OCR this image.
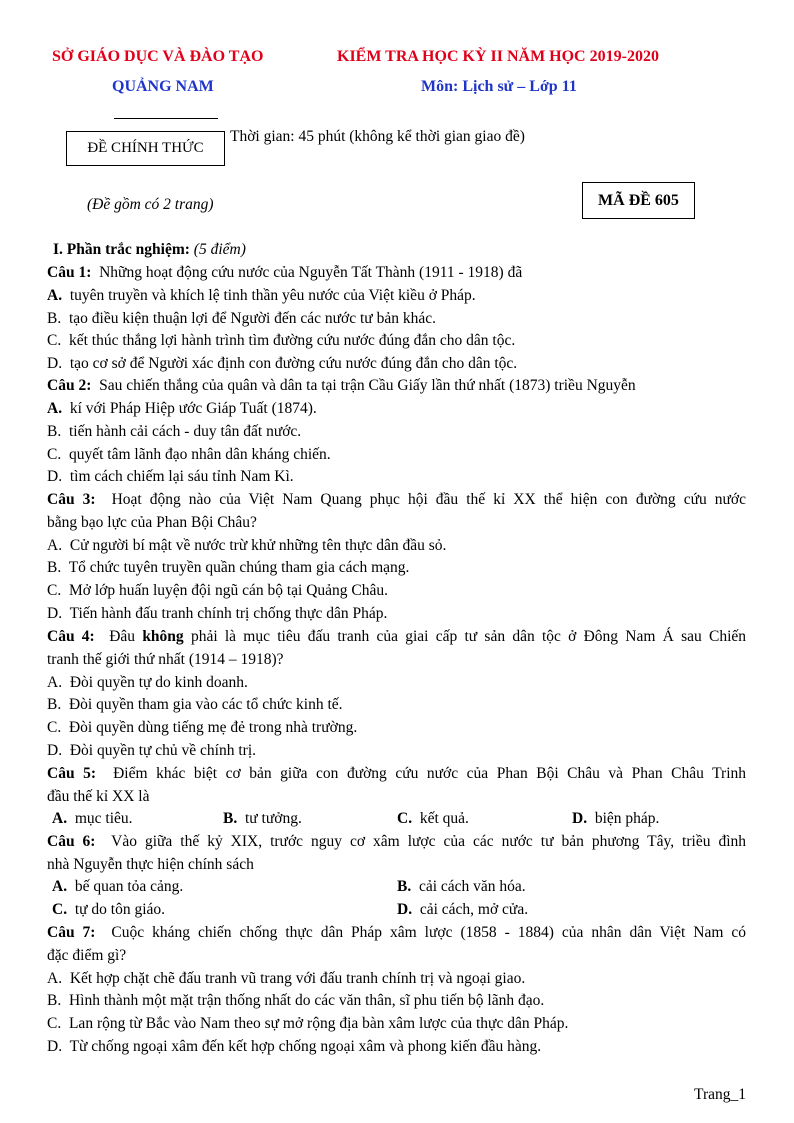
SỞ GIÁO DỤC VÀ ĐÀO TẠO
QUẢNG NAM
KIỂM TRA HỌC KỲ II NĂM HỌC 2019-2020
Môn: Lịch sử – Lớp 11
ĐỀ CHÍNH THỨC
Thời gian: 45 phút (không kể thời gian giao đề)
(Đề gồm có 2 trang)	MÃ ĐỀ 605
I. Phần trắc nghiệm: (5 điểm)
Câu 1: Những hoạt động cứu nước của Nguyễn Tất Thành (1911 - 1918) đã
A. tuyên truyền và khích lệ tinh thần yêu nước của Việt kiều ở Pháp.
B. tạo điều kiện thuận lợi để Người đến các nước tư bản khác.
C. kết thúc thắng lợi hành trình tìm đường cứu nước đúng đắn cho dân tộc.
D. tạo cơ sở để Người xác định con đường cứu nước đúng đắn cho dân tộc.
Câu 2: Sau chiến thắng của quân và dân ta tại trận Cầu Giấy lần thứ nhất (1873) triều Nguyễn
A. kí với Pháp Hiệp ước Giáp Tuất (1874).
B. tiến hành cải cách - duy tân đất nước.
C. quyết tâm lãnh đạo nhân dân kháng chiến.
D. tìm cách chiếm lại sáu tỉnh Nam Kì.
Câu 3: Hoạt động nào của Việt Nam Quang phục hội đầu thế kỉ XX thể hiện con đường cứu nước
bằng bạo lực của Phan Bội Châu?
A. Cử người bí mật về nước trừ khử những tên thực dân đầu sỏ.
B. Tổ chức tuyên truyền quần chúng tham gia cách mạng.
C. Mở lớp huấn luyện đội ngũ cán bộ tại Quảng Châu.
D. Tiến hành đấu tranh chính trị chống thực dân Pháp.
Câu 4: Đâu không phải là mục tiêu đấu tranh của giai cấp tư sản dân tộc ở Đông Nam Á sau Chiến
tranh thế giới thứ nhất (1914 – 1918)?
A. Đòi quyền tự do kinh doanh.
B. Đòi quyền tham gia vào các tổ chức kinh tế.
C. Đòi quyền dùng tiếng mẹ đẻ trong nhà trường.
D. Đòi quyền tự chủ về chính trị.
Câu 5: Điểm khác biệt cơ bản giữa con đường cứu nước của Phan Bội Châu và Phan Châu Trinh
đầu thế kỉ XX là
A. mục tiêu.	B. tư tưởng.	C. kết quả.	D. biện pháp.
Câu 6: Vào giữa thế kỷ XIX, trước nguy cơ xâm lược của các nước tư bản phương Tây, triều đình
nhà Nguyễn thực hiện chính sách
A. bế quan tỏa cảng.	B. cải cách văn hóa.
C. tự do tôn giáo.	D. cải cách, mở cửa.
Câu 7: Cuộc kháng chiến chống thực dân Pháp xâm lược (1858 - 1884) của nhân dân Việt Nam có
đặc điểm gì?
A. Kết hợp chặt chẽ đấu tranh vũ trang với đấu tranh chính trị và ngoại giao.
B. Hình thành một mặt trận thống nhất do các văn thân, sĩ phu tiến bộ lãnh đạo.
C. Lan rộng từ Bắc vào Nam theo sự mở rộng địa bàn xâm lược của thực dân Pháp.
D. Từ chống ngoại xâm đến kết hợp chống ngoại xâm và phong kiến đầu hàng.
Trang_1
